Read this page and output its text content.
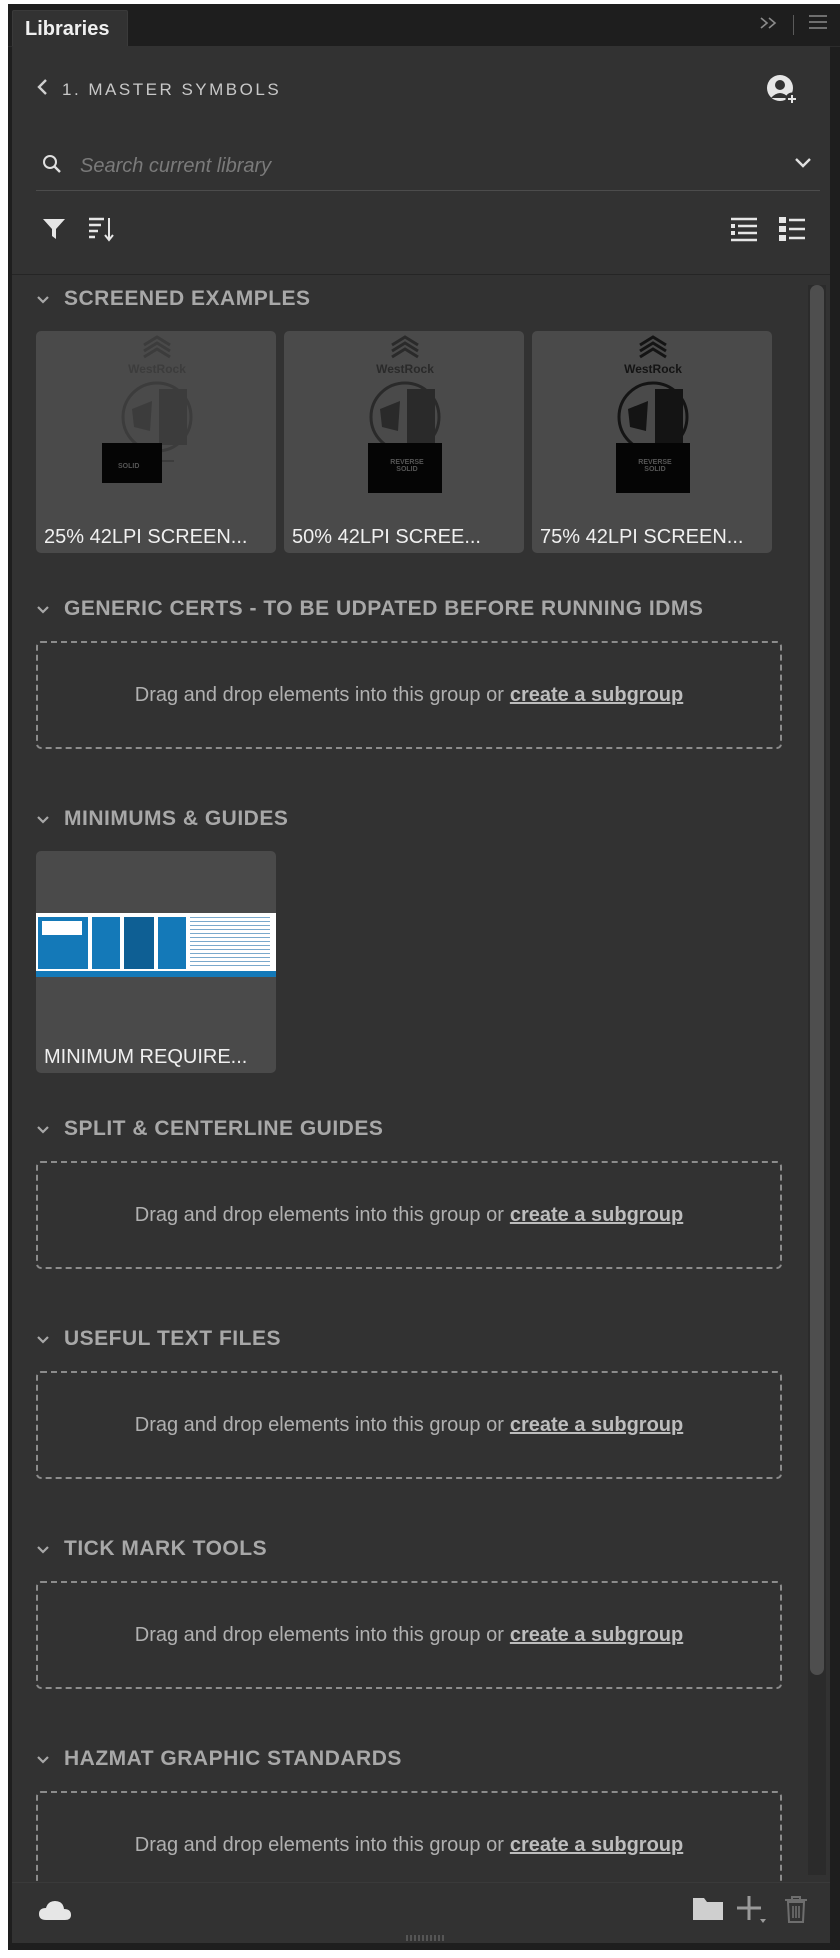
Libraries
1. MASTER SYMBOLS
Search current library
SCREENED EXAMPLES
WestRock
SOLID
25% 42LPI SCREEN...
WestRock
REVERSE SOLID
50% 42LPI SCREE...
WestRock
REVERSE SOLID
75% 42LPI SCREEN...
GENERIC CERTS - TO BE UDPATED BEFORE RUNNING IDMS
Drag and drop elements into this group or create a subgroup
MINIMUMS & GUIDES
MINIMUM REQUIRE...
SPLIT & CENTERLINE GUIDES
Drag and drop elements into this group or create a subgroup
USEFUL TEXT FILES
Drag and drop elements into this group or create a subgroup
TICK MARK TOOLS
Drag and drop elements into this group or create a subgroup
HAZMAT GRAPHIC STANDARDS
Drag and drop elements into this group or create a subgroup
